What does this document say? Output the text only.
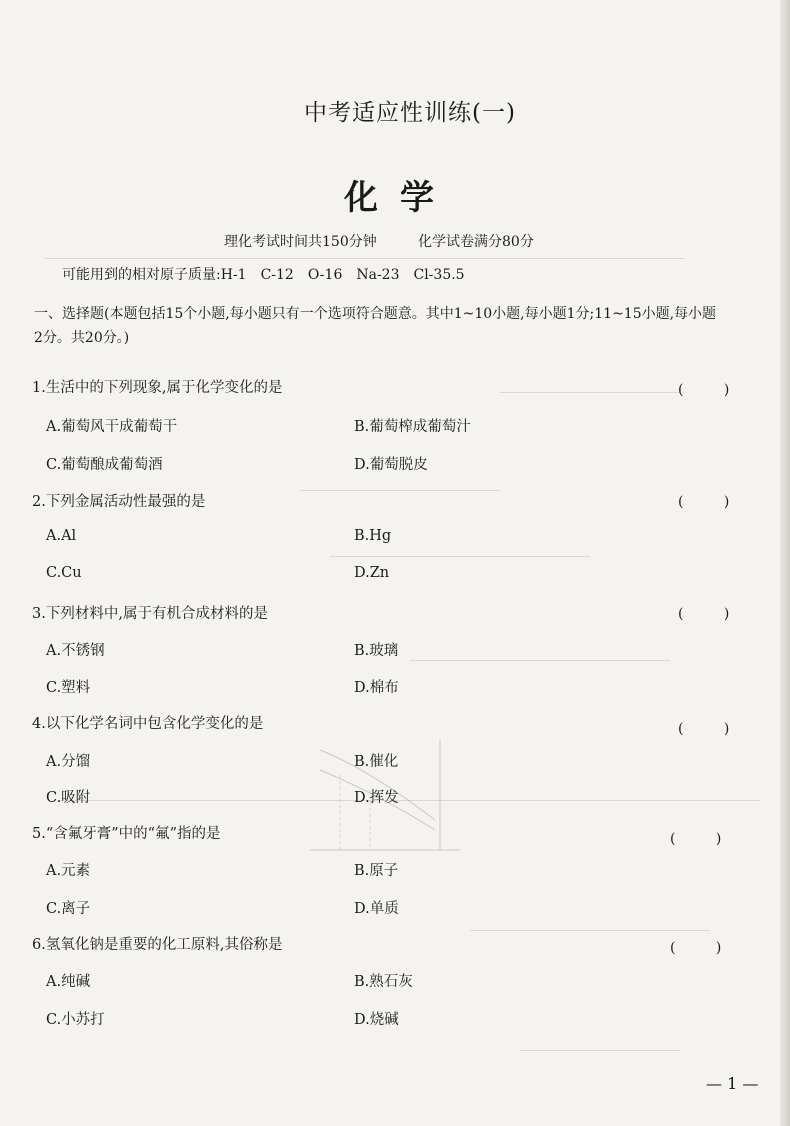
中考适应性训练(一)
化学
理化考试时间共150分钟	化学试卷满分80分
可能用到的相对原子质量:H-1　C-12　O-16　Na-23　Cl-35.5
一、选择题(本题包括15个小题,每小题只有一个选项符合题意。其中1~10小题,每小题1分;11~15小题,每小题2分。共20分。)
1.生活中的下列现象,属于化学变化的是	( )
A.葡萄风干成葡萄干	B.葡萄榨成葡萄汁
C.葡萄酿成葡萄酒	D.葡萄脱皮
2.下列金属活动性最强的是	( )
A.Al	B.Hg
C.Cu	D.Zn
3.下列材料中,属于有机合成材料的是	( )
A.不锈钢	B.玻璃
C.塑料	D.棉布
4.以下化学名词中包含化学变化的是	( )
A.分馏	B.催化
C.吸附	D.挥发
5.“含氟牙膏”中的“氟”指的是	( )
A.元素	B.原子
C.离子	D.单质
6.氢氧化钠是重要的化工原料,其俗称是	( )
A.纯碱	B.熟石灰
C.小苏打	D.烧碱
— 1 —
